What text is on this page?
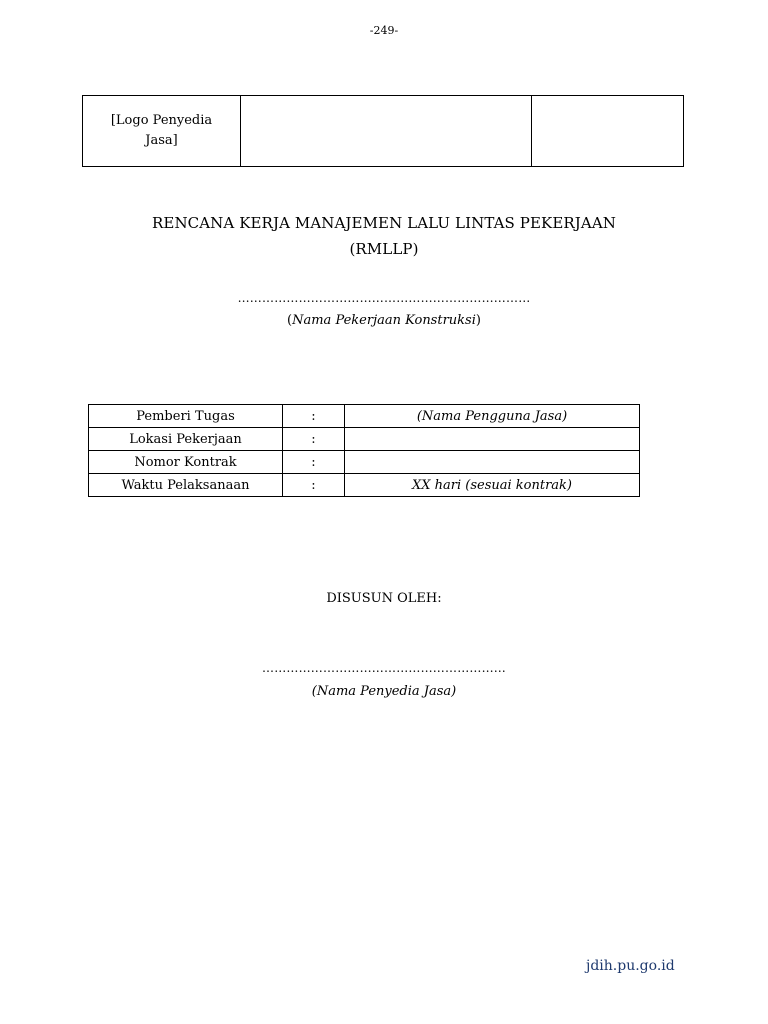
-249-
[Logo Penyedia Jasa]

RENCANA KERJA MANAJEMEN LALU LINTAS PEKERJAAN
(RMLLP)
………………………………………………………………
(Nama Pekerjaan Konstruksi)
Pemberi Tugas	:	(Nama Pengguna Jasa)
Lokasi Pekerjaan	:	
Nomor Kontrak	:	
Waktu Pelaksanaan	:	XX hari (sesuai kontrak)
DISUSUN OLEH:
……………………………………………………
(Nama Penyedia Jasa)
jdih.pu.go.id
